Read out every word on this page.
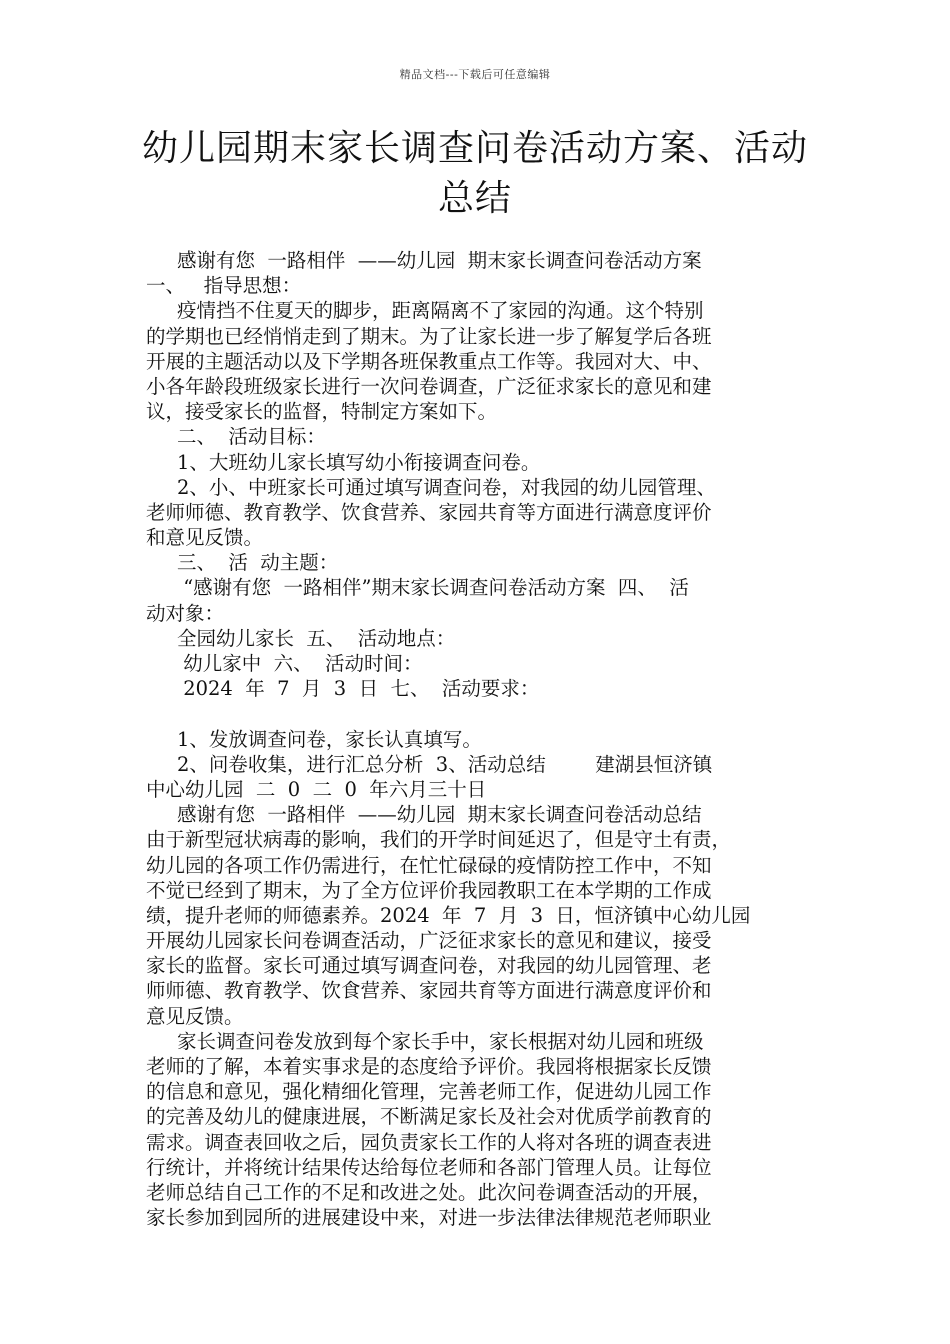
精品文档---下载后可任意编辑
幼儿园期末家长调查问卷活动方案、活动
总结
感谢有您  一路相伴  ——幼儿园  期末家长调查问卷活动方案
一、   指导思想：
疫情挡不住夏天的脚步，距离隔离不了家园的沟通。这个特别
的学期也已经悄悄走到了期末。为了让家长进一步了解复学后各班
开展的主题活动以及下学期各班保教重点工作等。我园对大、中、
小各年龄段班级家长进行一次问卷调查，广泛征求家长的意见和建
议，接受家长的监督，特制定方案如下。
二、  活动目标：
1、大班幼儿家长填写幼小衔接调查问卷。
2、小、中班家长可通过填写调查问卷，对我园的幼儿园管理、
老师师德、教育教学、饮食营养、家园共育等方面进行满意度评价
和意见反馈。
三、  活  动主题：
“感谢有您  一路相伴”期末家长调查问卷活动方案  四、  活
动对象：
全园幼儿家长  五、  活动地点：
幼儿家中  六、  活动时间：
2024  年  7  月  3  日  七、  活动要求：
1、发放调查问卷，家长认真填写。
2、问卷收集，进行汇总分析  3、活动总结        建湖县恒济镇
中心幼儿园  二  0  二  0  年六月三十日
感谢有您  一路相伴  ——幼儿园  期末家长调查问卷活动总结
由于新型冠状病毒的影响，我们的开学时间延迟了，但是守土有责，
幼儿园的各项工作仍需进行，在忙忙碌碌的疫情防控工作中，不知
不觉已经到了期末，为了全方位评价我园教职工在本学期的工作成
绩，提升老师的师德素养。2024  年  7  月  3  日，恒济镇中心幼儿园
开展幼儿园家长问卷调查活动，广泛征求家长的意见和建议，接受
家长的监督。家长可通过填写调查问卷，对我园的幼儿园管理、老
师师德、教育教学、饮食营养、家园共育等方面进行满意度评价和
意见反馈。
家长调查问卷发放到每个家长手中，家长根据对幼儿园和班级
老师的了解，本着实事求是的态度给予评价。我园将根据家长反馈
的信息和意见，强化精细化管理，完善老师工作，促进幼儿园工作
的完善及幼儿的健康进展，不断满足家长及社会对优质学前教育的
需求。调查表回收之后，园负责家长工作的人将对各班的调查表进
行统计，并将统计结果传达给每位老师和各部门管理人员。让每位
老师总结自己工作的不足和改进之处。此次问卷调查活动的开展，
家长参加到园所的进展建设中来，对进一步法律法律规范老师职业
